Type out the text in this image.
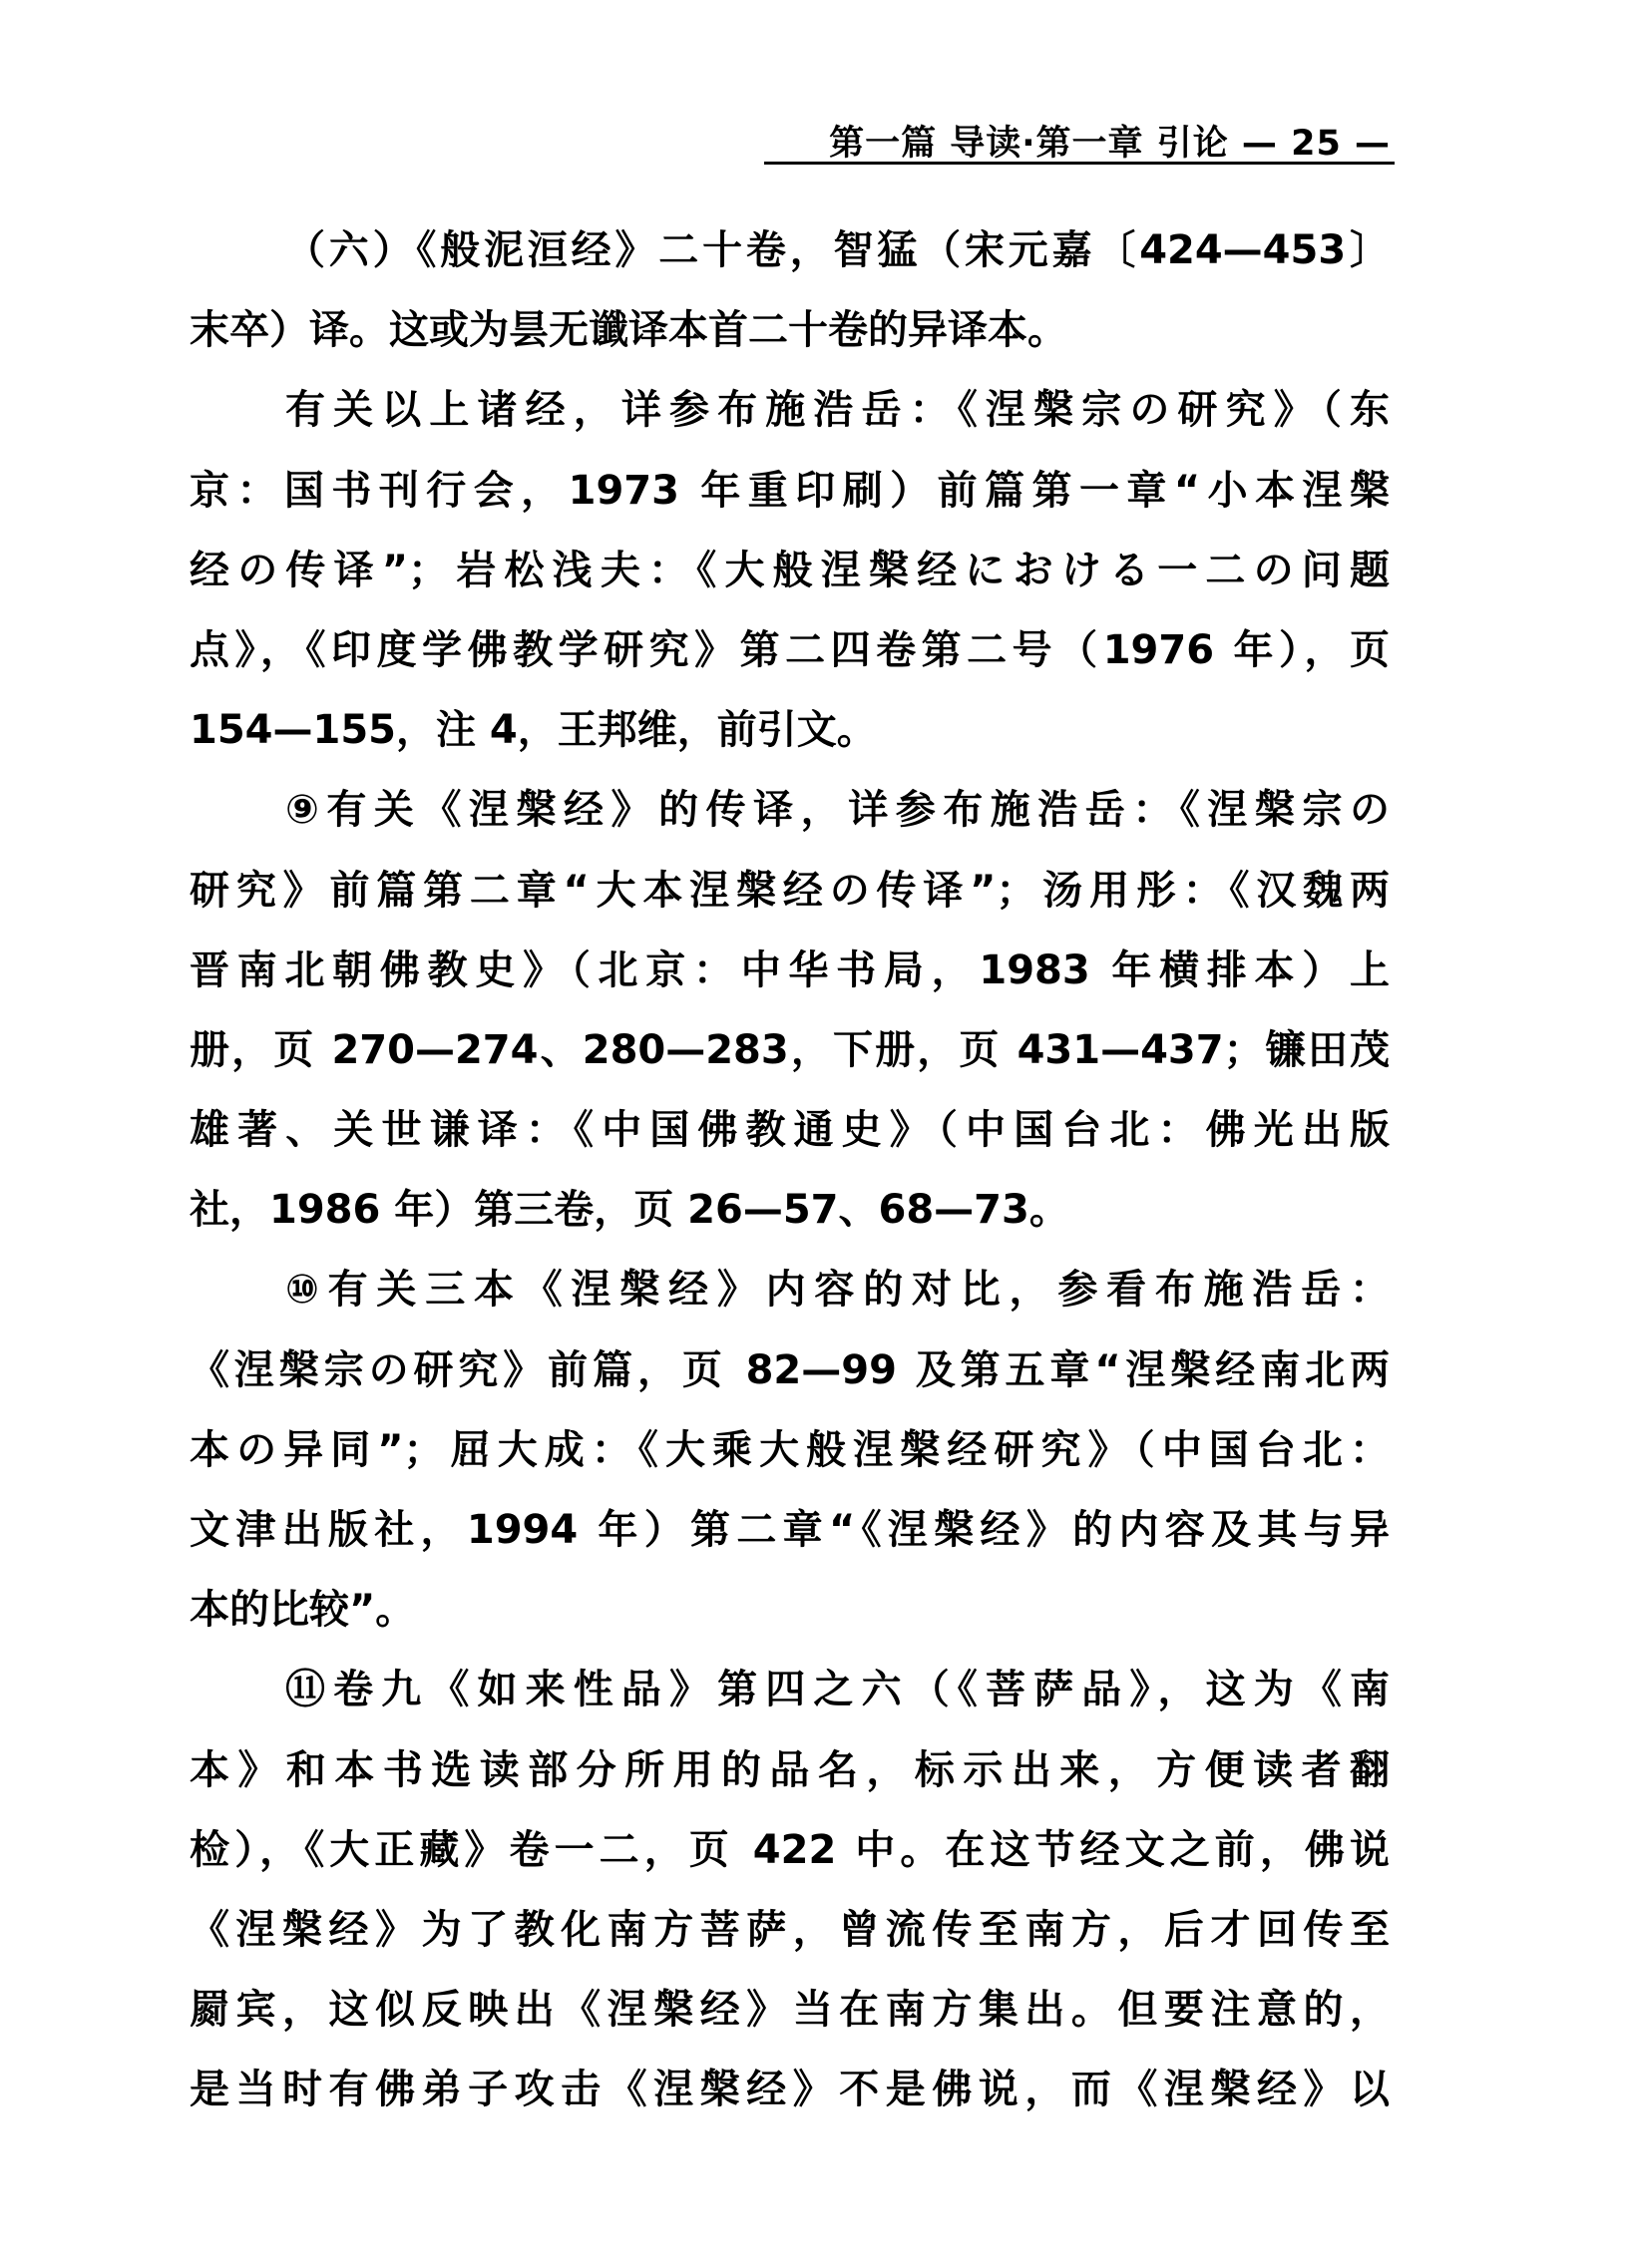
第一篇 导读·第一章 引论 — 25 —
（六）《般泥洹经》二十卷，智猛（宋元嘉〔424—453〕
末卒）译。这或为昙无谶译本首二十卷的异译本。
有关以上诸经，详参布施浩岳：《涅槃宗の研究》（东
京：国书刊行会，1973 年重印刷）前篇第一章“小本涅槃
经の传译”；岩松浅夫：《大般涅槃经における一二の问题
点》，《印度学佛教学研究》第二四卷第二号（1976 年），页
154—155，注 4，王邦维，前引文。
⑨有关《涅槃经》的传译，详参布施浩岳：《涅槃宗の
研究》前篇第二章“大本涅槃经の传译”；汤用彤：《汉魏两
晋南北朝佛教史》（北京：中华书局，1983 年横排本）上
册，页 270—274、280—283，下册，页 431—437；镰田茂
雄著、关世谦译：《中国佛教通史》（中国台北：佛光出版
社，1986 年）第三卷，页 26—57、68—73。
⑩有关三本《涅槃经》内容的对比，参看布施浩岳：
《涅槃宗の研究》前篇，页 82—99 及第五章“涅槃经南北两
本の异同”；屈大成：《大乘大般涅槃经研究》（中国台北：
文津出版社，1994 年）第二章“《涅槃经》的内容及其与异
本的比较”。
⑪卷九《如来性品》第四之六（《菩萨品》，这为《南
本》和本书选读部分所用的品名，标示出来，方便读者翻
检），《大正藏》卷一二，页 422 中。在这节经文之前，佛说
《涅槃经》为了教化南方菩萨，曾流传至南方，后才回传至
罽宾，这似反映出《涅槃经》当在南方集出。但要注意的，
是当时有佛弟子攻击《涅槃经》不是佛说，而《涅槃经》以
